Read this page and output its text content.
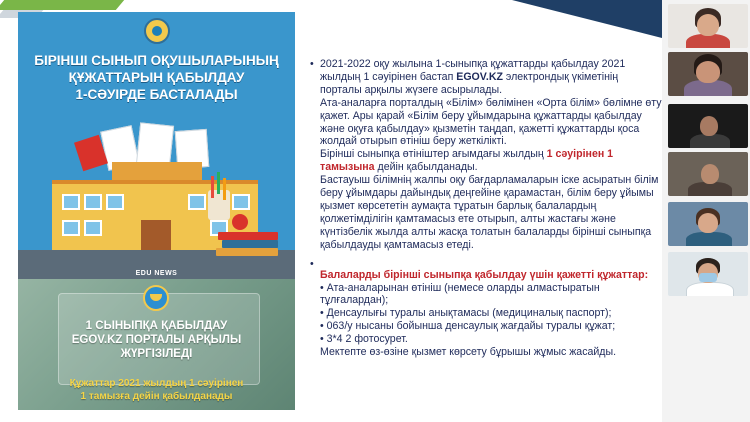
БІРІНШІ СЫНЫП ОҚУШЫЛАРЫНЫҢ
ҚҰЖАТТАРЫН ҚАБЫЛДАУ
1-СӘУІРДЕ БАСТАЛАДЫ
EDU NEWS
1 СЫНЫПҚА ҚАБЫЛДАУ
EGOV.KZ ПОРТАЛЫ АРҚЫЛЫ
ЖҮРГІЗІЛЕДІ
Құжаттар 2021 жылдың 1 сәуірінен
1 тамызға дейін қабылданады
• 2021-2022 оқу жылына 1-сыныпқа құжаттарды қабылдау 2021 жылдың 1 сәуірінен бастап EGOV.KZ электрондық үкіметінің порталы арқылы жүзеге асырылады.

Ата-аналарға порталдың «Білім» бөлімінен «Орта білім» бөлімне өту қажет. Ары қарай «Білім беру ұйымдарына құжаттарды қабылдау және оқуға қабылдау» қызметін таңдап, қажетті құжаттарды қоса жолдай отырып өтініш беру жеткілікті.

Бірінші сыныпқа өтініштер ағымдағы жылдың 1 сәуірінен 1 тамызына дейін қабылданады.

Бастауыш білімнің жалпы оқу бағдарламаларын іске асыратын білім беру ұйымдары дайындық деңгейіне қарамастан, білім беру ұйымы қызмет көрсететін аумақта тұратын барлық балалардың қолжетімділігін қамтамасыз ете отырып, алты жастағы және күнтізбелік жылда алты жасқа толатын балаларды бірінші сыныпқа қабылдауды қамтамасыз етеді.

•
Балаларды бірінші сыныпқа қабылдау үшін қажетті құжаттар:

• Ата-аналарынан өтініш (немесе оларды алмастыратын тұлғалардан);

• Денсаулығы туралы анықтамасы (медициналық паспорт);

• 063/у нысаны бойынша денсаулық жағдайы туралы құжат;

• 3*4 2 фотосурет.

Мектепте өз-өзіне қызмет көрсету бұрышы жұмыс жасайды.
